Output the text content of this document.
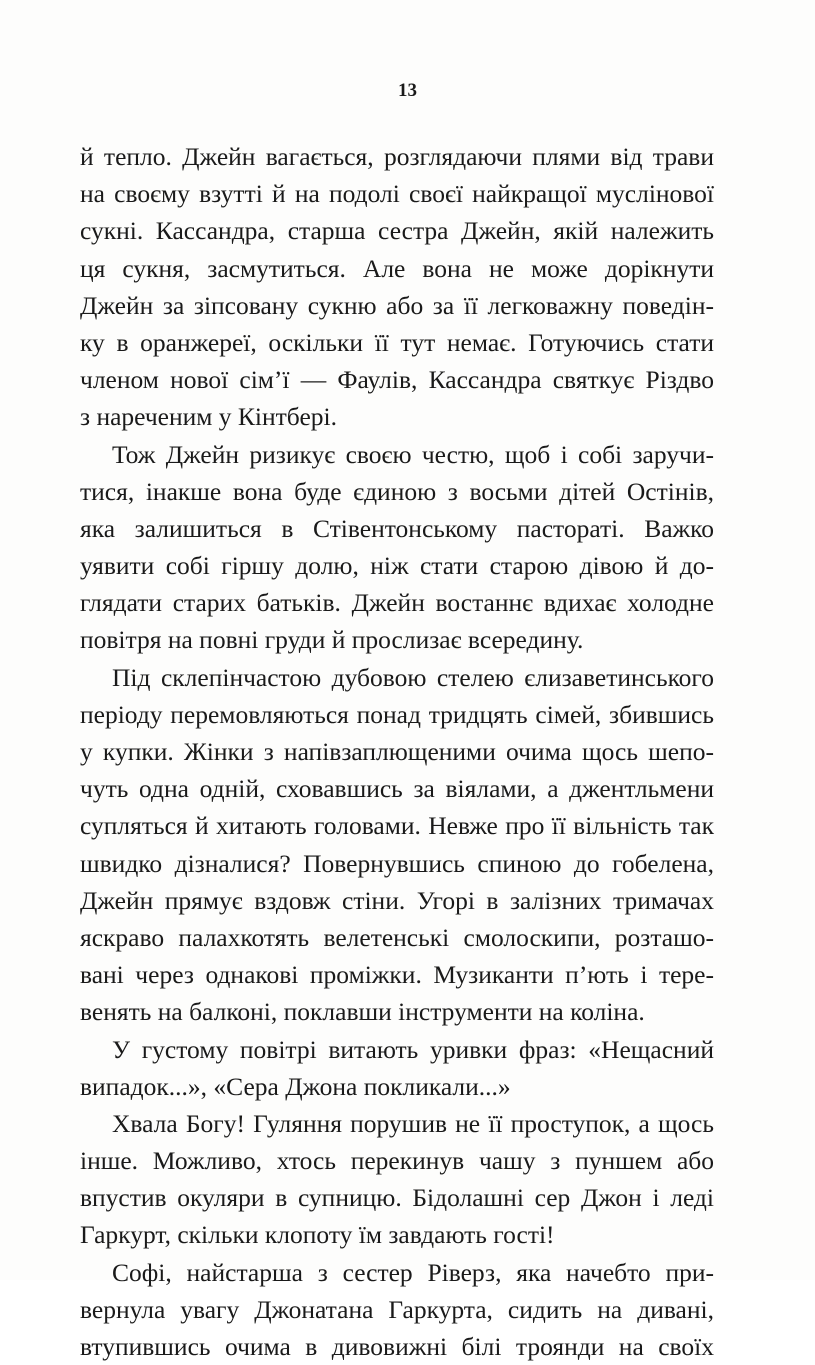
13
й тепло. Джейн вагається, розглядаючи плями від трави
на своєму взутті й на подолі своєї найкращої муслінової
сукні. Кассандра, старша сестра Джейн, якій належить
ця сукня, засмутиться. Але вона не може дорікнути
Джейн за зіпсовану сукню або за її легковажну поведін-
ку в оранжереї, оскільки її тут немає. Готуючись стати
членом нової сім’ї — Фаулів, Кассандра святкує Різдво
з нареченим у Кінтбері.
Тож Джейн ризикує своєю честю, щоб і собі заручи-
тися, інакше вона буде єдиною з восьми дітей Остінів,
яка залишиться в Стівентонському пастораті. Важко
уявити собі гіршу долю, ніж стати старою дівою й до-
глядати старих батьків. Джейн востаннє вдихає холодне
повітря на повні груди й прослизає всередину.
Під склепінчастою дубовою стелею єлизаветинського
періоду перемовляються понад тридцять сімей, збившись
у купки. Жінки з напівзаплющеними очима щось шепо-
чуть одна одній, сховавшись за віялами, а джентльмени
супляться й хитають головами. Невже про її вільність так
швидко дізналися? Повернувшись спиною до гобелена,
Джейн прямує вздовж стіни. Угорі в залізних тримачах
яскраво палахкотять велетенські смолоскипи, розташо-
вані через однакові проміжки. Музиканти п’ють і тере-
венять на балконі, поклавши інструменти на коліна.
У густому повітрі витають уривки фраз: «Нещасний
випадок...», «Сера Джона покликали...»
Хвала Богу! Гуляння порушив не її проступок, а щось
інше. Можливо, хтось перекинув чашу з пуншем або
впустив окуляри в супницю. Бідолашні сер Джон і леді
Гаркурт, скільки клопоту їм завдають гості!
Софі, найстарша з сестер Ріверз, яка начебто при-
вернула увагу Джонатана Гаркурта, сидить на дивані,
втупившись очима в дивовижні білі троянди на своїх
